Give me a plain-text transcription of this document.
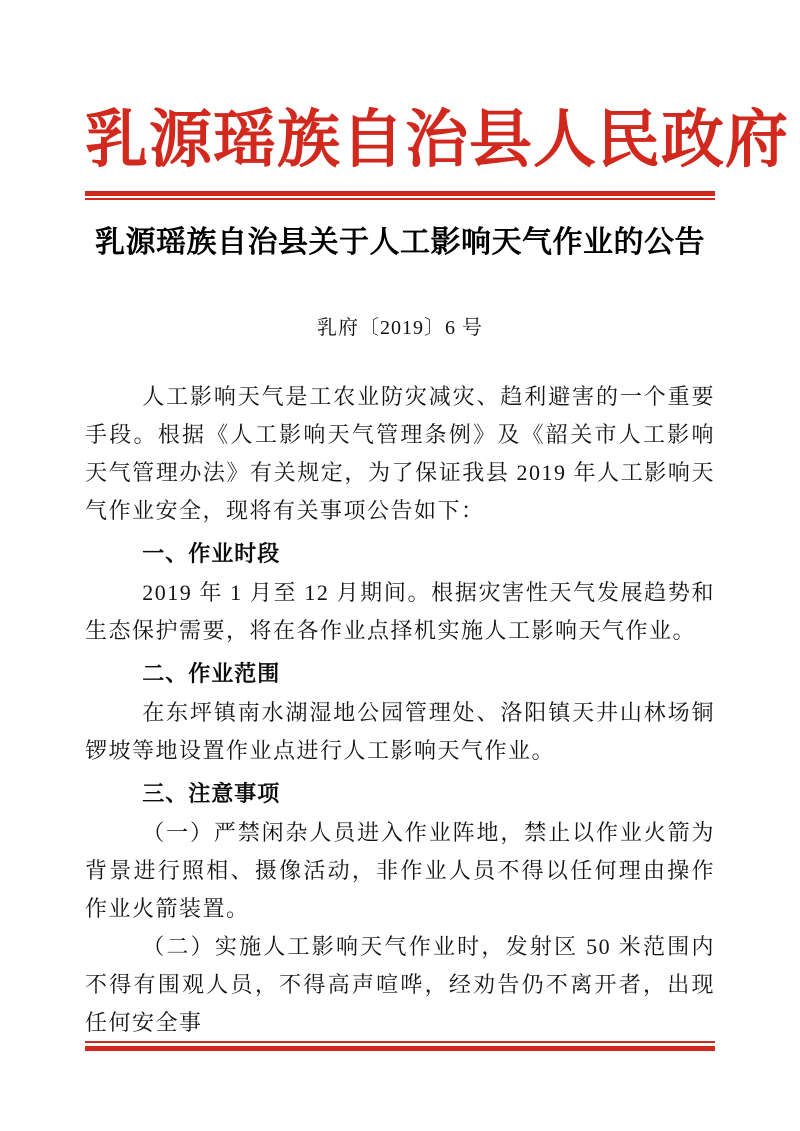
乳源瑶族自治县人民政府
乳源瑶族自治县关于人工影响天气作业的公告
乳府〔2019〕6 号

人工影响天气是工农业防灾减灾、趋利避害的一个重要手段。根据《人工影响天气管理条例》及《韶关市人工影响天气管理办法》有关规定，为了保证我县 2019 年人工影响天气作业安全，现将有关事项公告如下：

一、作业时段

2019 年 1 月至 12 月期间。根据灾害性天气发展趋势和生态保护需要，将在各作业点择机实施人工影响天气作业。

二、作业范围

在东坪镇南水湖湿地公园管理处、洛阳镇天井山林场铜锣坡等地设置作业点进行人工影响天气作业。

三、注意事项

（一）严禁闲杂人员进入作业阵地，禁止以作业火箭为背景进行照相、摄像活动，非作业人员不得以任何理由操作作业火箭装置。

（二）实施人工影响天气作业时，发射区 50 米范围内不得有围观人员，不得高声喧哗，经劝告仍不离开者，出现任何安全事
